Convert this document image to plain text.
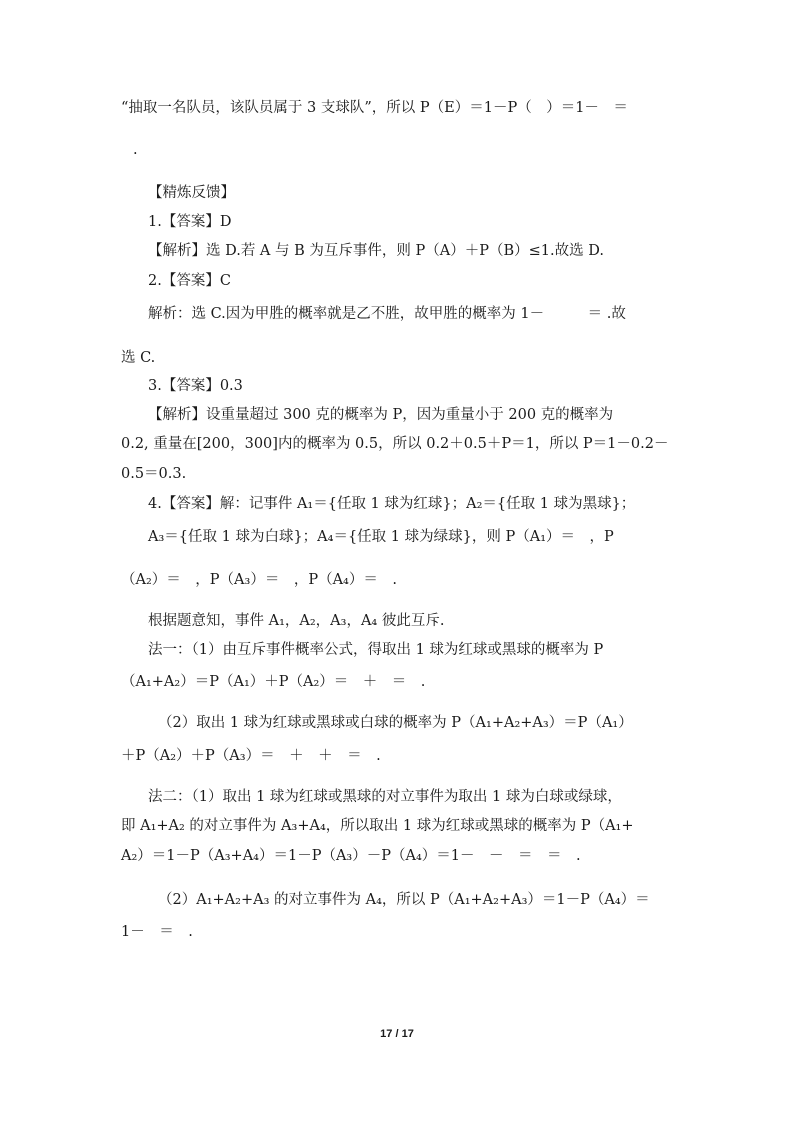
“抽取一名队员，该队员属于 3 支球队”，所以 P（E）＝1－P（　）＝1－　＝
.
【精炼反馈】
1.【答案】D
【解析】选 D.若 A 与 B 为互斥事件，则 P（A）＋P（B）≤1.故选 D.
2.【答案】C
解析：选 C.因为甲胜的概率就是乙不胜，故甲胜的概率为 1－　　　＝ .故
选 C.
3.【答案】0.3
【解析】设重量超过 300 克的概率为 P，因为重量小于 200 克的概率为
0.2, 重量在[200，300]内的概率为 0.5，所以 0.2＋0.5＋P＝1，所以 P＝1－0.2－
0.5＝0.3.
4.【答案】解：记事件 A₁＝{任取 1 球为红球}；A₂＝{任取 1 球为黑球}；
A₃＝{任取 1 球为白球}；A₄＝{任取 1 球为绿球}，则 P（A₁）＝　，P
（A₂）＝　，P（A₃）＝　，P（A₄）＝　.
根据题意知，事件 A₁，A₂，A₃，A₄ 彼此互斥.
法一：（1）由互斥事件概率公式，得取出 1 球为红球或黑球的概率为 P
（A₁+A₂）＝P（A₁）＋P（A₂）＝　＋　＝　.
（2）取出 1 球为红球或黑球或白球的概率为 P（A₁+A₂+A₃）＝P（A₁）
＋P（A₂）＋P（A₃）＝　＋　＋　＝　.
法二：（1）取出 1 球为红球或黑球的对立事件为取出 1 球为白球或绿球，
即 A₁+A₂ 的对立事件为 A₃+A₄，所以取出 1 球为红球或黑球的概率为 P（A₁+
A₂）＝1－P（A₃+A₄）＝1－P（A₃）－P（A₄）＝1－　－　＝　＝　.
（2）A₁+A₂+A₃ 的对立事件为 A₄，所以 P（A₁+A₂+A₃）＝1－P（A₄）＝
1－　＝　.
17 / 17
